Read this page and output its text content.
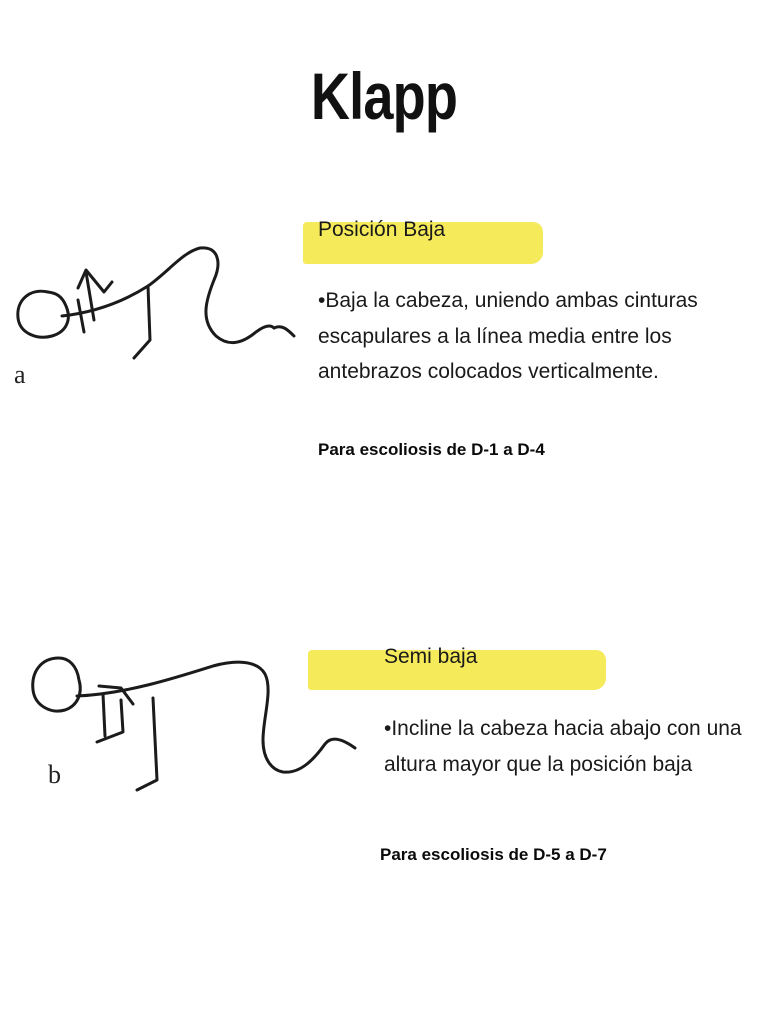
Klapp
a

Posición Baja

•Baja la cabeza, uniendo ambas cinturas escapulares a la línea media entre los antebrazos colocados verticalmente.

Para escoliosis de D-1 a D-4

b

Semi baja

•Incline la cabeza hacia abajo con una altura mayor que la posición baja

Para escoliosis de D-5 a D-7
